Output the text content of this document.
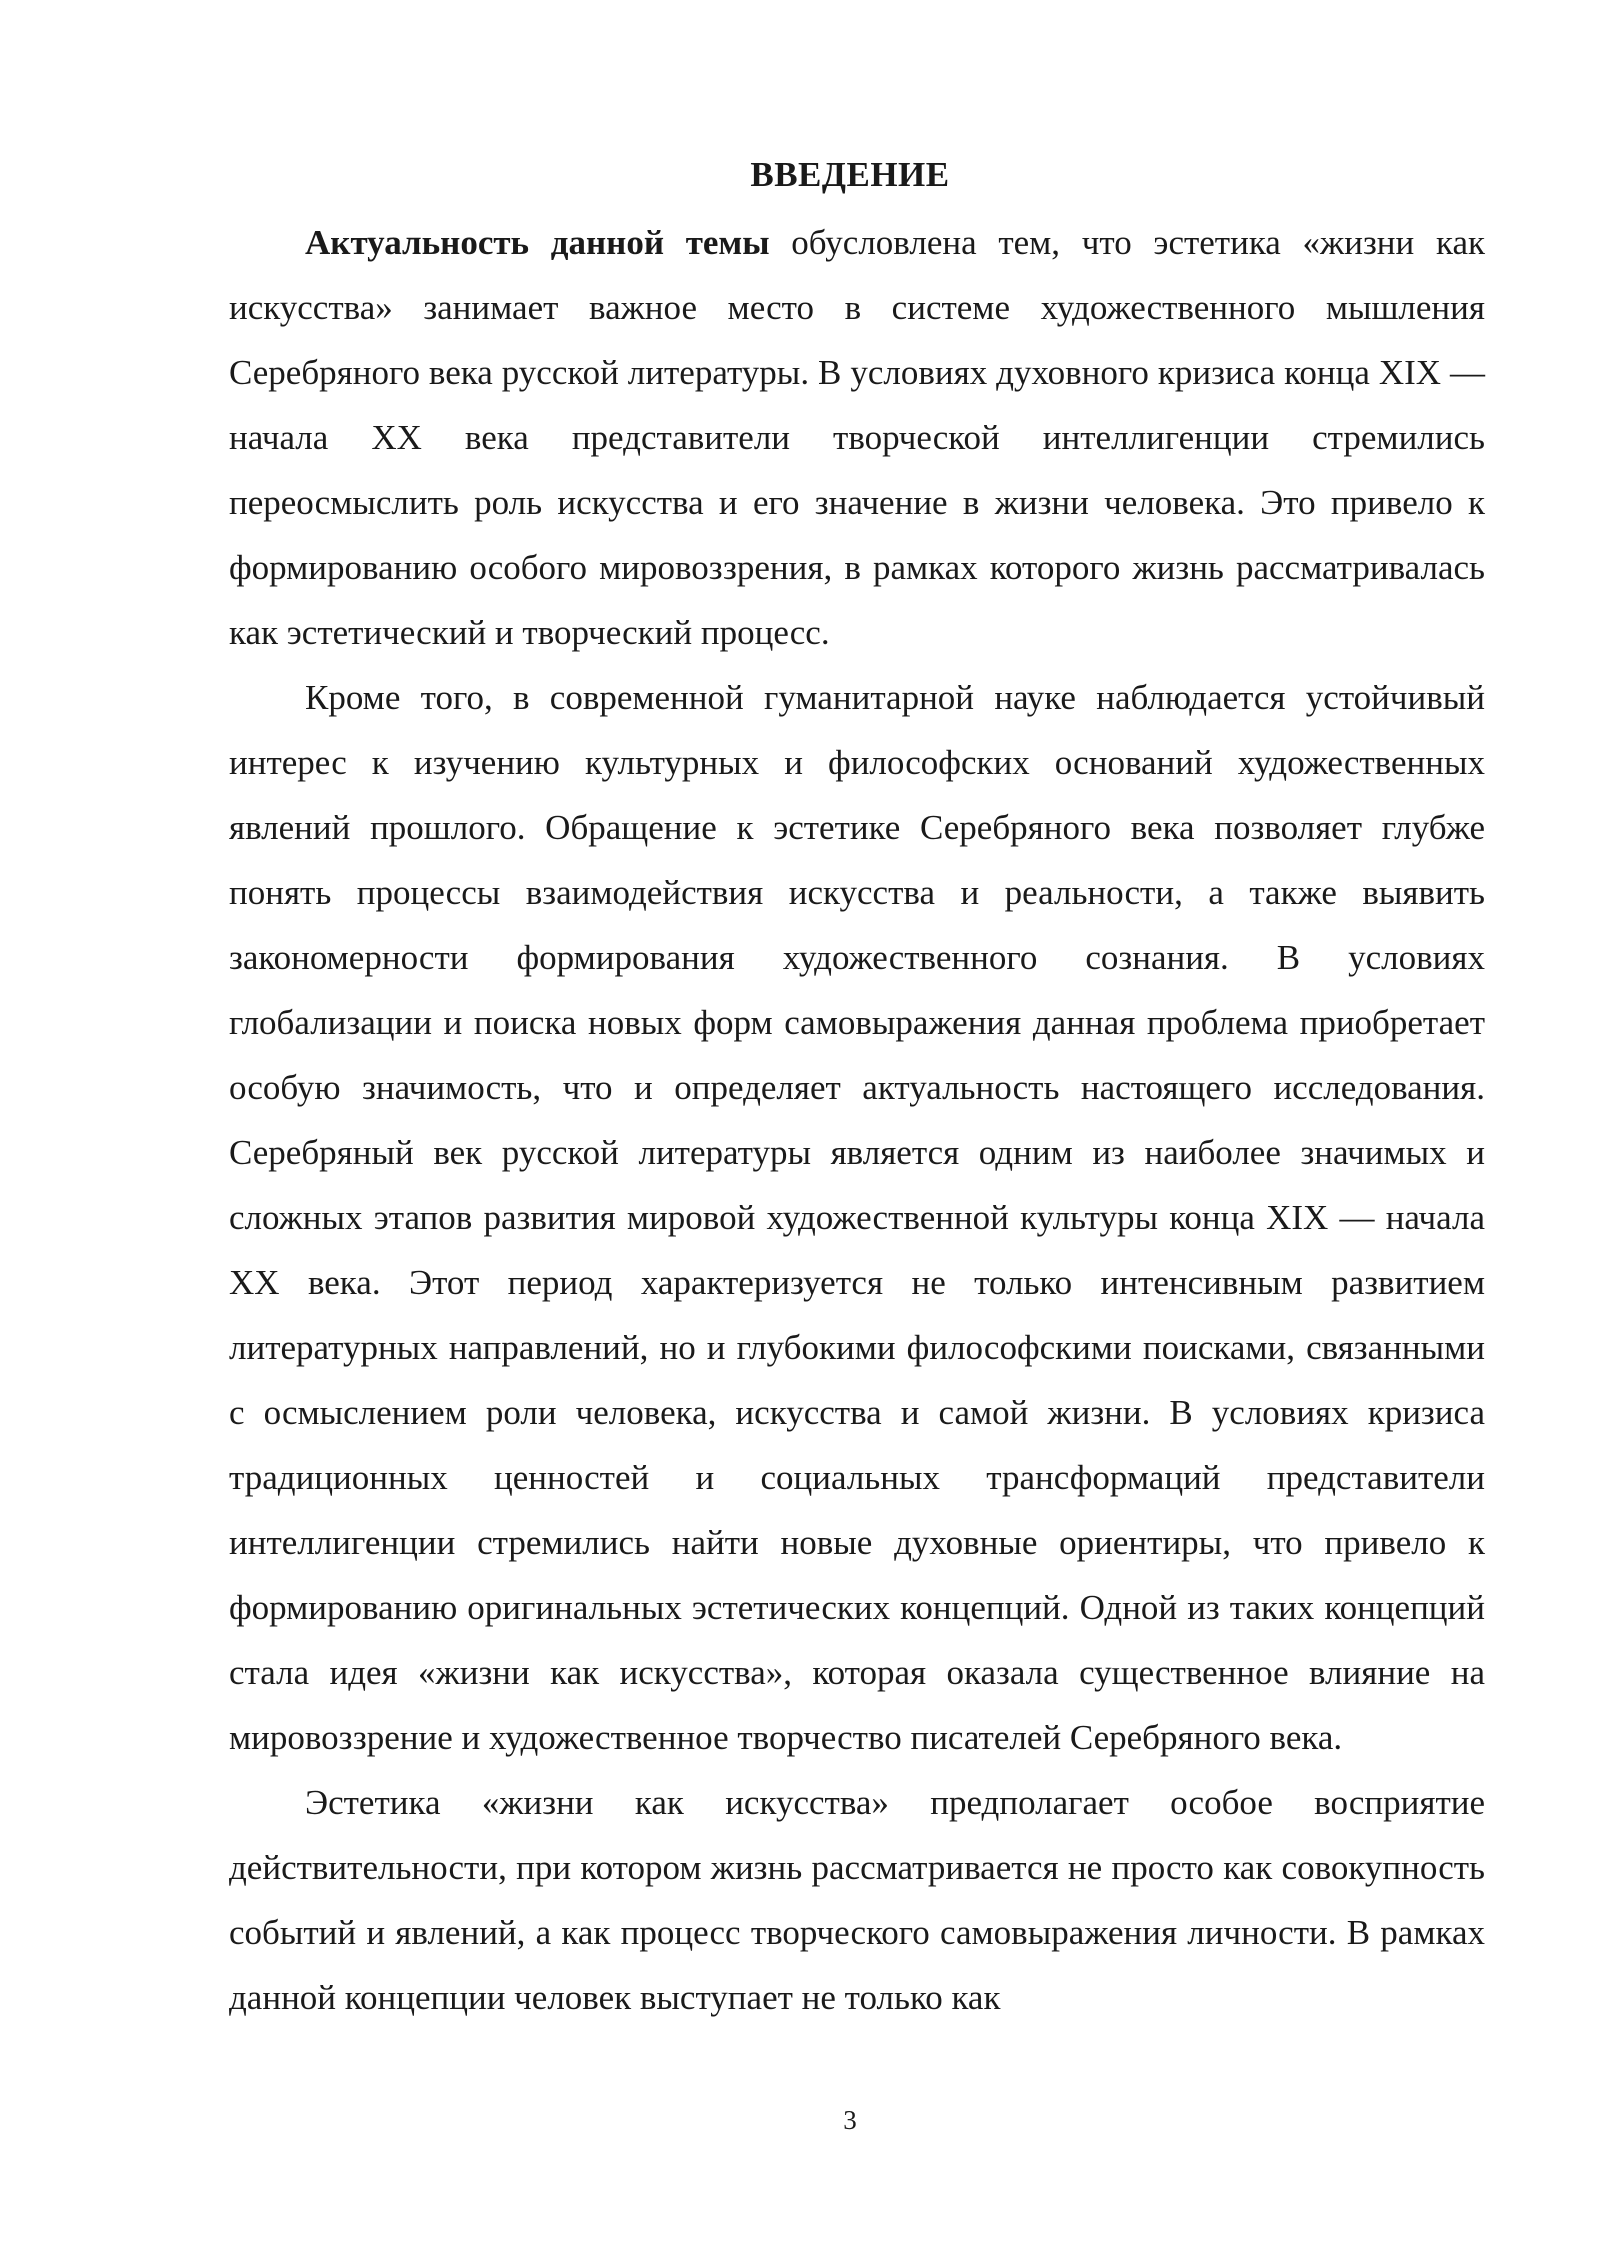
ВВЕДЕНИЕ

Актуальность данной темы обусловлена тем, что эстетика «жизни как искусства» занимает важное место в системе художественного мышления Серебряного века русской литературы. В условиях духовного кризиса конца XIX — начала XX века представители творческой интеллигенции стремились переосмыслить роль искусства и его значение в жизни человека. Это привело к формированию особого мировоззрения, в рамках которого жизнь рассматривалась как эстетический и творческий процесс.

Кроме того, в современной гуманитарной науке наблюдается устойчивый интерес к изучению культурных и философских оснований художественных явлений прошлого. Обращение к эстетике Серебряного века позволяет глубже понять процессы взаимодействия искусства и реальности, а также выявить закономерности формирования художественного сознания. В условиях глобализации и поиска новых форм самовыражения данная проблема приобретает особую значимость, что и определяет актуальность настоящего исследования. Серебряный век русской литературы является одним из наиболее значимых и сложных этапов развития мировой художественной культуры конца XIX — начала XX века. Этот период характеризуется не только интенсивным развитием литературных направлений, но и глубокими философскими поисками, связанными с осмыслением роли человека, искусства и самой жизни. В условиях кризиса традиционных ценностей и социальных трансформаций представители интеллигенции стремились найти новые духовные ориентиры, что привело к формированию оригинальных эстетических концепций. Одной из таких концепций стала идея «жизни как искусства», которая оказала существенное влияние на мировоззрение и художественное творчество писателей Серебряного века.

Эстетика «жизни как искусства» предполагает особое восприятие действительности, при котором жизнь рассматривается не просто как совокупность событий и явлений, а как процесс творческого самовыражения личности. В рамках данной концепции человек выступает не только как

3
